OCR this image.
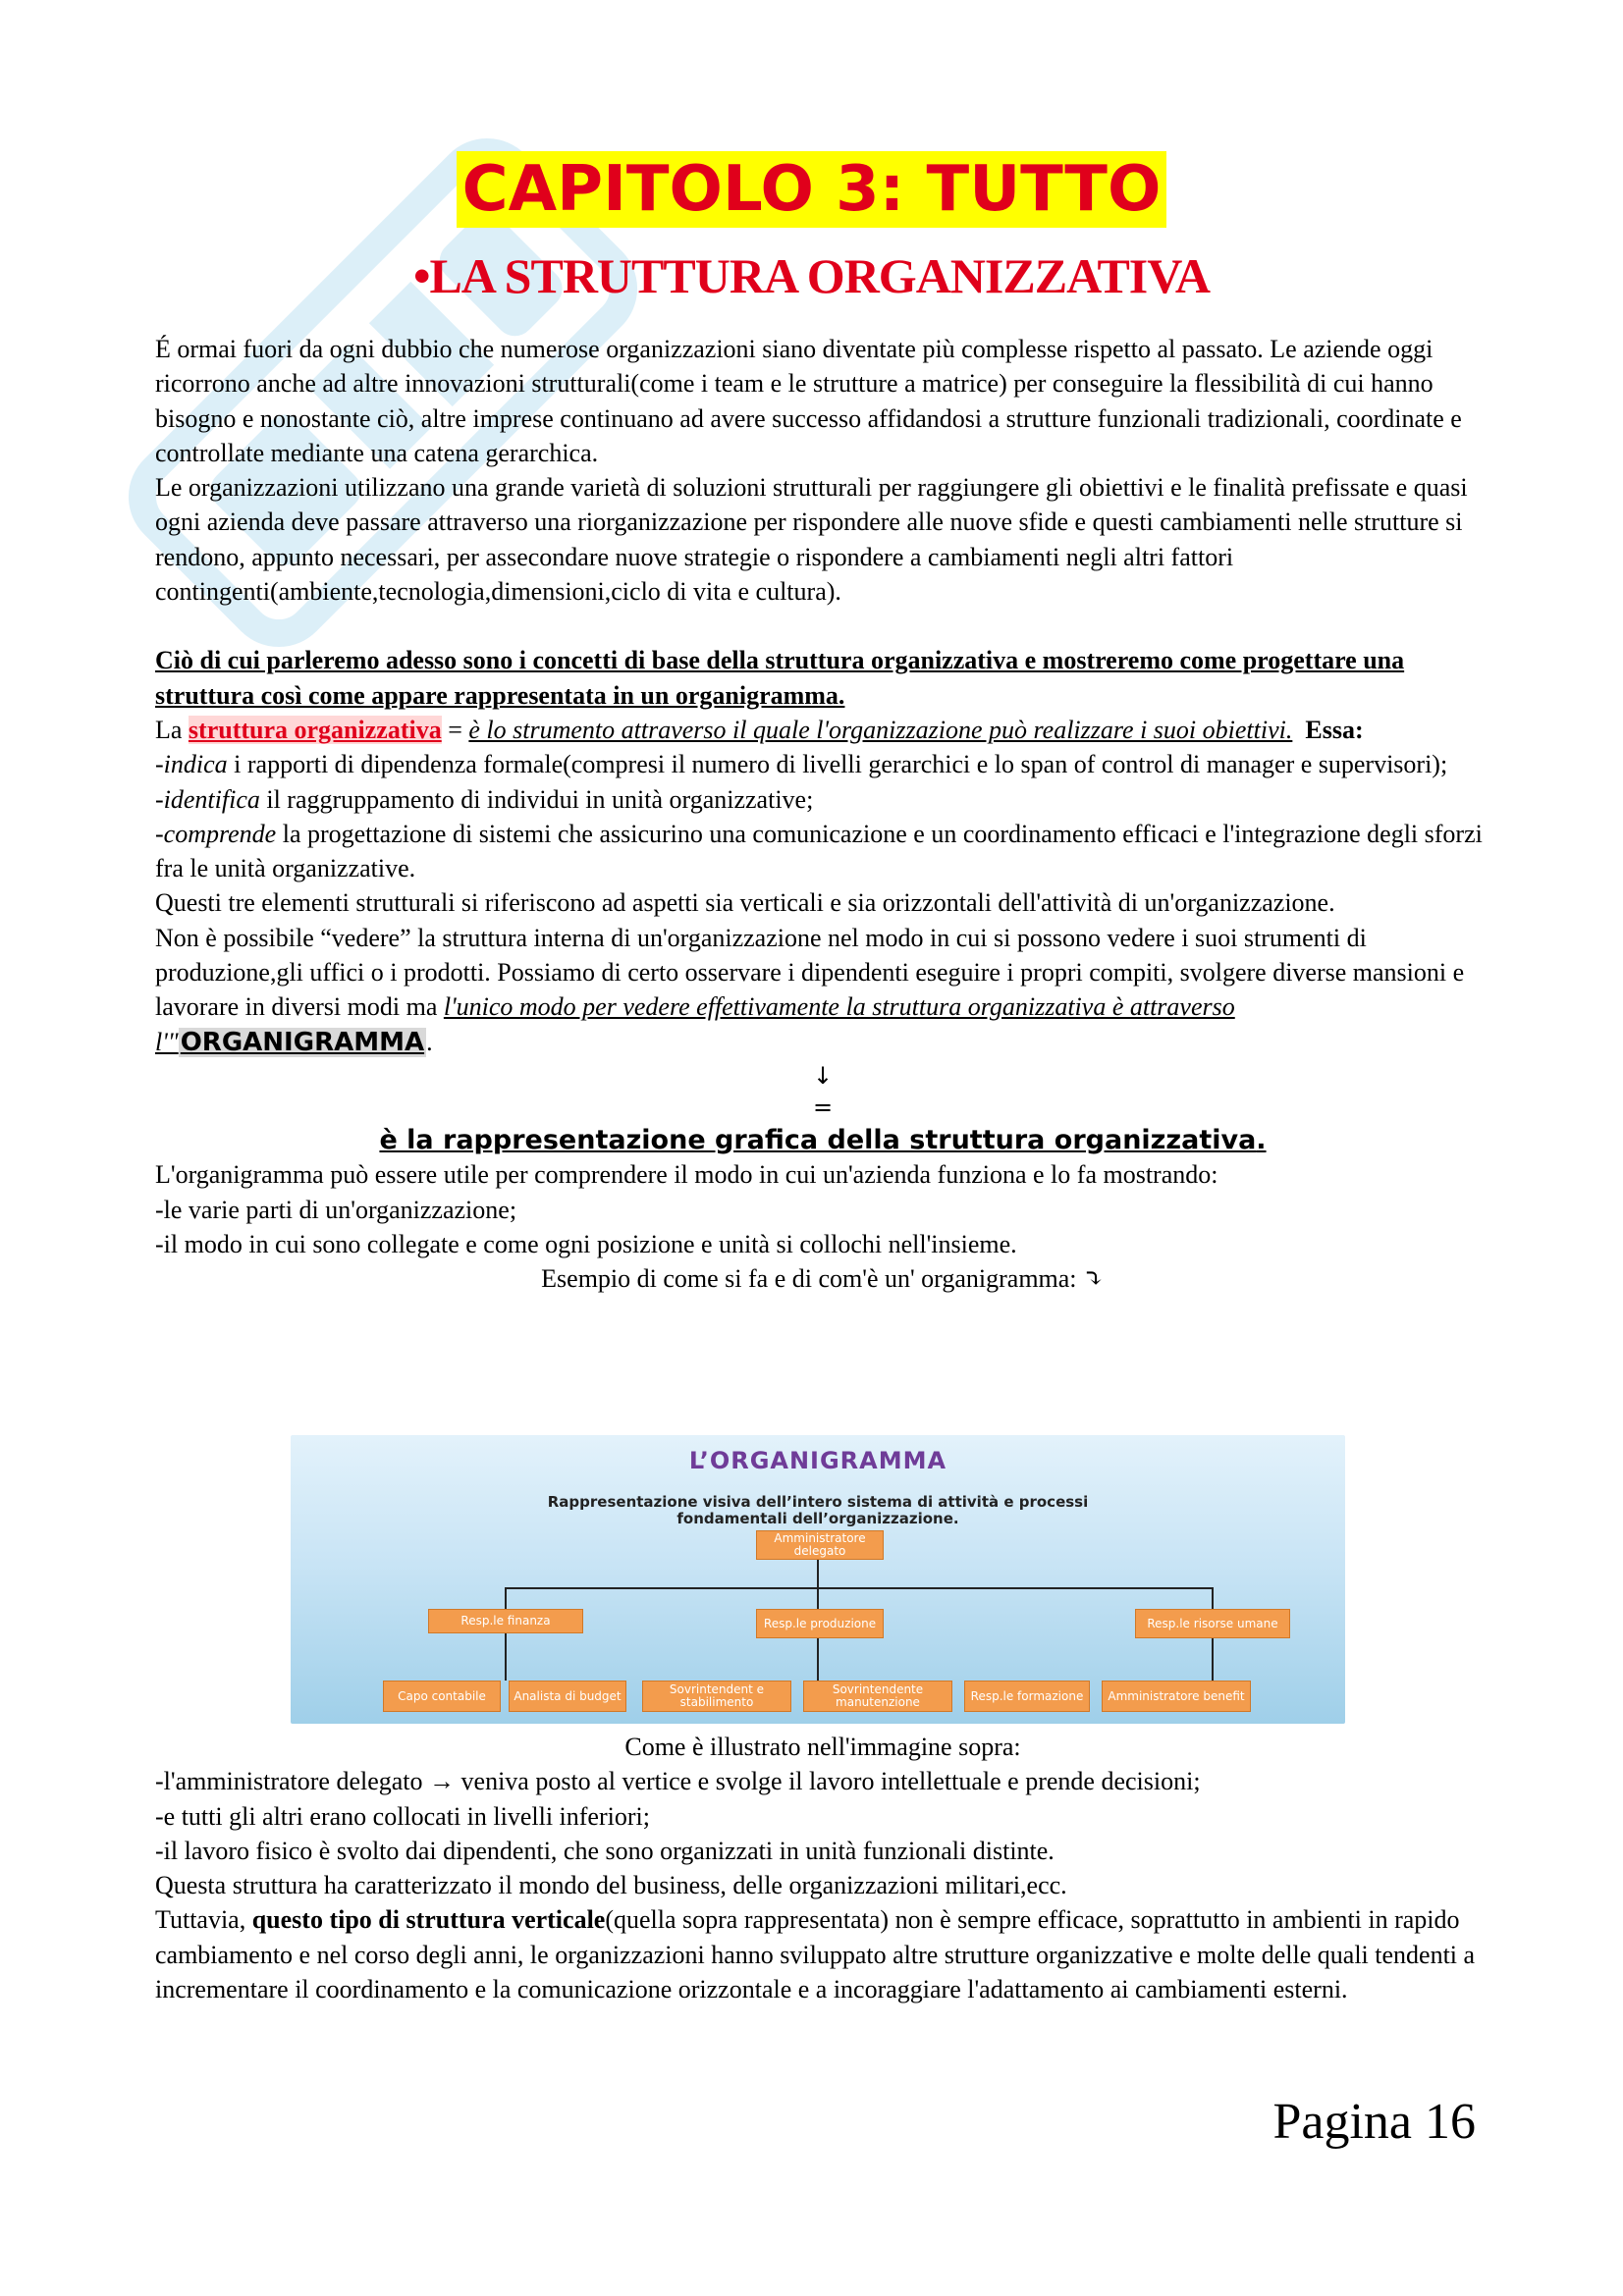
CAPITOLO 3: TUTTO
•LA STRUTTURA ORGANIZZATIVA

É ormai fuori da ogni dubbio che numerose organizzazioni siano diventate più complesse rispetto al passato. Le aziende oggi ricorrono anche ad altre innovazioni strutturali(come i team e le strutture a matrice) per conseguire la flessibilità di cui hanno bisogno e nonostante ciò, altre imprese continuano ad avere successo affidandosi a strutture funzionali tradizionali, coordinate e controllate mediante una catena gerarchica.

Le organizzazioni utilizzano una grande varietà di soluzioni strutturali per raggiungere gli obiettivi e le finalità prefissate e quasi ogni azienda deve passare attraverso una riorganizzazione per rispondere alle nuove sfide e questi cambiamenti nelle strutture si rendono, appunto necessari, per assecondare nuove strategie o rispondere a cambiamenti negli altri fattori contingenti(ambiente,tecnologia,dimensioni,ciclo di vita e cultura).

Ciò di cui parleremo adesso sono i concetti di base della struttura organizzativa e mostreremo come progettare una struttura così come appare rappresentata in un organigramma.

La struttura organizzativa = è lo strumento attraverso il quale l'organizzazione può realizzare i suoi obiettivi. Essa:

-indica i rapporti di dipendenza formale(compresi il numero di livelli gerarchici e lo span of control di manager e supervisori);

-identifica il raggruppamento di individui in unità organizzative;

-comprende la progettazione di sistemi che assicurino una comunicazione e un coordinamento efficaci e l'integrazione degli sforzi fra le unità organizzative.

Questi tre elementi strutturali si riferiscono ad aspetti sia verticali e sia orizzontali dell'attività di un'organizzazione.

Non è possibile “vedere” la struttura interna di un'organizzazione nel modo in cui si possono vedere i suoi strumenti di produzione,gli uffici o i prodotti. Possiamo di certo osservare i dipendenti eseguire i propri compiti, svolgere diverse mansioni e lavorare in diversi modi ma l'unico modo per vedere effettivamente la struttura organizzativa è attraverso l'"ORGANIGRAMMA.

↓
=

è la rappresentazione grafica della struttura organizzativa.

L'organigramma può essere utile per comprendere il modo in cui un'azienda funziona e lo fa mostrando:

-le varie parti di un'organizzazione;

-il modo in cui sono collegate e come ogni posizione e unità si collochi nell'insieme.

Esempio di come si fa e di com'è un' organigramma: ⤵

L’ORGANIGRAMMA
Rappresentazione visiva dell’intero sistema di attività e processi
fondamentali dell’organizzazione.
Amministratore delegato
Resp.le finanza	Resp.le produzione	Resp.le risorse umane
Capo contabile	Analista di budget	Sovrintendent e stabilimento
Sovrintendente manutenzione	Resp.le formazione	Amministratore benefit

Come è illustrato nell'immagine sopra:

-l'amministratore delegato → veniva posto al vertice e svolge il lavoro intellettuale e prende decisioni;

-e tutti gli altri erano collocati in livelli inferiori;

-il lavoro fisico è svolto dai dipendenti, che sono organizzati in unità funzionali distinte.

Questa struttura ha caratterizzato il mondo del business, delle organizzazioni militari,ecc.

Tuttavia, questo tipo di struttura verticale(quella sopra rappresentata) non è sempre efficace, soprattutto in ambienti in rapido cambiamento e nel corso degli anni, le organizzazioni hanno sviluppato altre strutture organizzative e molte delle quali tendenti a incrementare il coordinamento e la comunicazione orizzontale e a incoraggiare l'adattamento ai cambiamenti esterni.

Pagina 16
